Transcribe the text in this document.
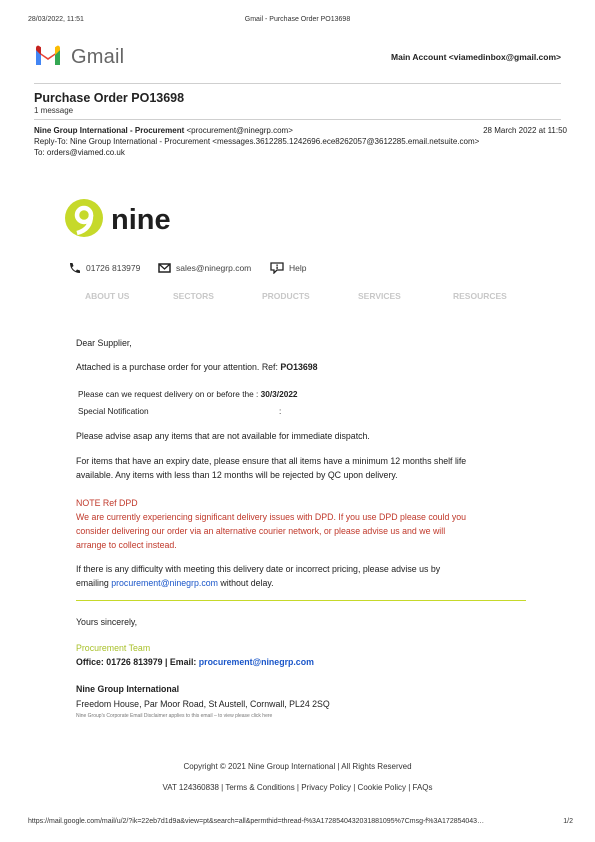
28/03/2022, 11:51	Gmail - Purchase Order PO13698
Gmail	Main Account <viamedinbox@gmail.com>
Purchase Order PO13698
1 message
Nine Group International - Procurement <procurement@ninegrp.com>	28 March 2022 at 11:50
Reply-To: Nine Group International - Procurement <messages.3612285.1242696.ece8262057@3612285.email.netsuite.com>
To: orders@viamed.co.uk
nine
01726 813979	sales@ninegrp.com	Help
ABOUT US	SECTORS	PRODUCTS	SERVICES	RESOURCES
Dear Supplier,
Attached is a purchase order for your attention. Ref: PO13698
Please can we request delivery on or before the : 30/3/2022
Special Notification	:
Please advise asap any items that are not available for immediate dispatch.
For items that have an expiry date, please ensure that all items have a minimum 12 months shelf life
available. Any items with less than 12 months will be rejected by QC upon delivery.
NOTE Ref DPD
We are currently experiencing significant delivery issues with DPD. If you use DPD please could you
consider delivering our order via an alternative courier network, or please advise us and we will
arrange to collect instead.
If there is any difficulty with meeting this delivery date or incorrect pricing, please advise us by
emailing procurement@ninegrp.com without delay.
Yours sincerely,
Procurement Team
Office: 01726 813979 | Email: procurement@ninegrp.com
Nine Group International
Freedom House, Par Moor Road, St Austell, Cornwall, PL24 2SQ
Nine Group's Corporate Email Disclaimer applies to this email – to view please click here
Copyright © 2021 Nine Group International | All Rights Reserved
VAT 124360838 | Terms & Conditions | Privacy Policy | Cookie Policy | FAQs
https://mail.google.com/mail/u/2/?ik=22eb7d1d9a&view=pt&search=all&permthid=thread-f%3A1728540432031881095%7Cmsg-f%3A172854043…	1/2
